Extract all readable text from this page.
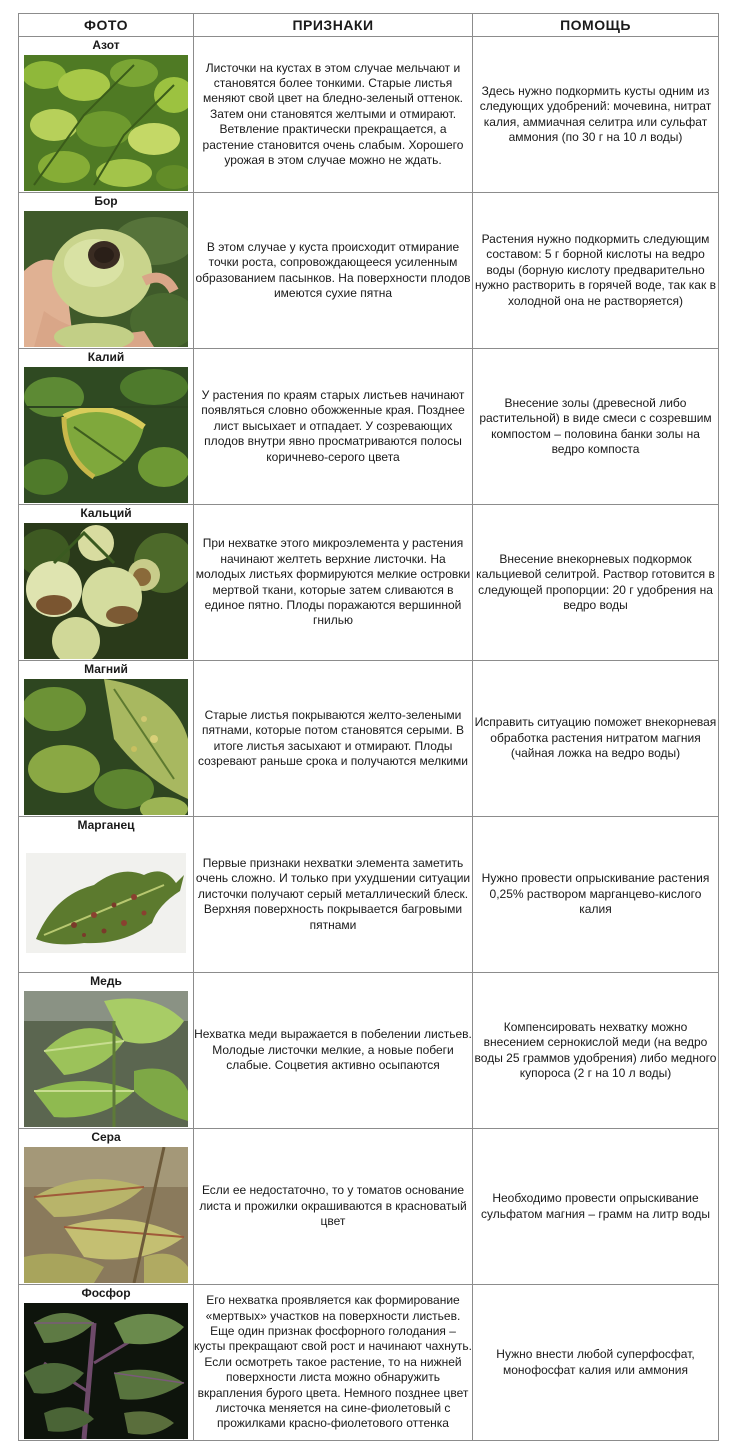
ФОТО	ПРИЗНАКИ	ПОМОЩЬ

Азот	Листочки на кустах в этом случае мельчают и становятся более тонкими. Старые листья меняют свой цвет на бледно-зеленый оттенок. Затем они становятся желтыми и отмирают. Ветвление практически прекращается, а растение становится очень слабым. Хорошего урожая в этом случае можно не ждать.	Здесь нужно подкормить кусты одним из следующих удобрений: мочевина, нитрат калия, аммиачная селитра или сульфат аммония (по 30 г на 10 л воды)

Бор	В этом случае у куста происходит отмирание точки роста, сопровождающееся усиленным образованием пасынков. На поверхности плодов имеются сухие пятна	Растения нужно подкормить следующим составом: 5 г борной кислоты на ведро воды (борную кислоту предварительно нужно растворить в горячей воде, так как в холодной она не растворяется)

Калий	У растения по краям старых листьев начинают появляться словно обожженные края. Позднее лист высыхает и отпадает. У созревающих плодов внутри явно просматриваются полосы коричнево-серого цвета	Внесение золы (древесной либо растительной) в виде смеси с созревшим компостом – половина банки золы на ведро компоста

Кальций	При нехватке этого микроэлемента у растения начинают желтеть верхние листочки. На молодых листьях формируются мелкие островки мертвой ткани, которые затем сливаются в единое пятно. Плоды поражаются вершинной гнилью	Внесение внекорневых подкормок кальциевой селитрой. Раствор готовится в следующей пропорции: 20 г удобрения на ведро воды

Магний	Старые листья покрываются желто-зелеными пятнами, которые потом становятся серыми. В итоге листья засыхают и отмирают. Плоды созревают раньше срока и получаются мелкими	Исправить ситуацию поможет внекорневая обработка растения нитратом магния (чайная ложка на ведро воды)

Марганец	Первые признаки нехватки элемента заметить очень сложно. И только при ухудшении ситуации листочки получают серый металлический блеск. Верхняя поверхность покрывается багровыми пятнами	Нужно провести опрыскивание растения 0,25% раствором марганцево-кислого калия

Медь	Нехватка меди выражается в побелении листьев. Молодые листочки мелкие, а новые побеги слабые. Соцветия активно осыпаются	Компенсировать нехватку можно внесением сернокислой меди (на ведро воды 25 граммов удобрения) либо медного купороса (2 г на 10 л воды)

Сера	Если ее недостаточно, то у томатов основание листа и прожилки окрашиваются в красноватый цвет	Необходимо провести опрыскивание сульфатом магния – грамм на литр воды

Фосфор	Его нехватка проявляется как формирование «мертвых» участков на поверхности листьев. Еще один признак фосфорного голодания – кусты прекращают свой рост и начинают чахнуть. Если осмотреть такое растение, то на нижней поверхности листа можно обнаружить вкрапления бурого цвета. Немного позднее цвет листочка меняется на сине-фиолетовый с прожилками красно-фиолетового оттенка	Нужно внести любой суперфосфат, монофосфат калия или аммония
